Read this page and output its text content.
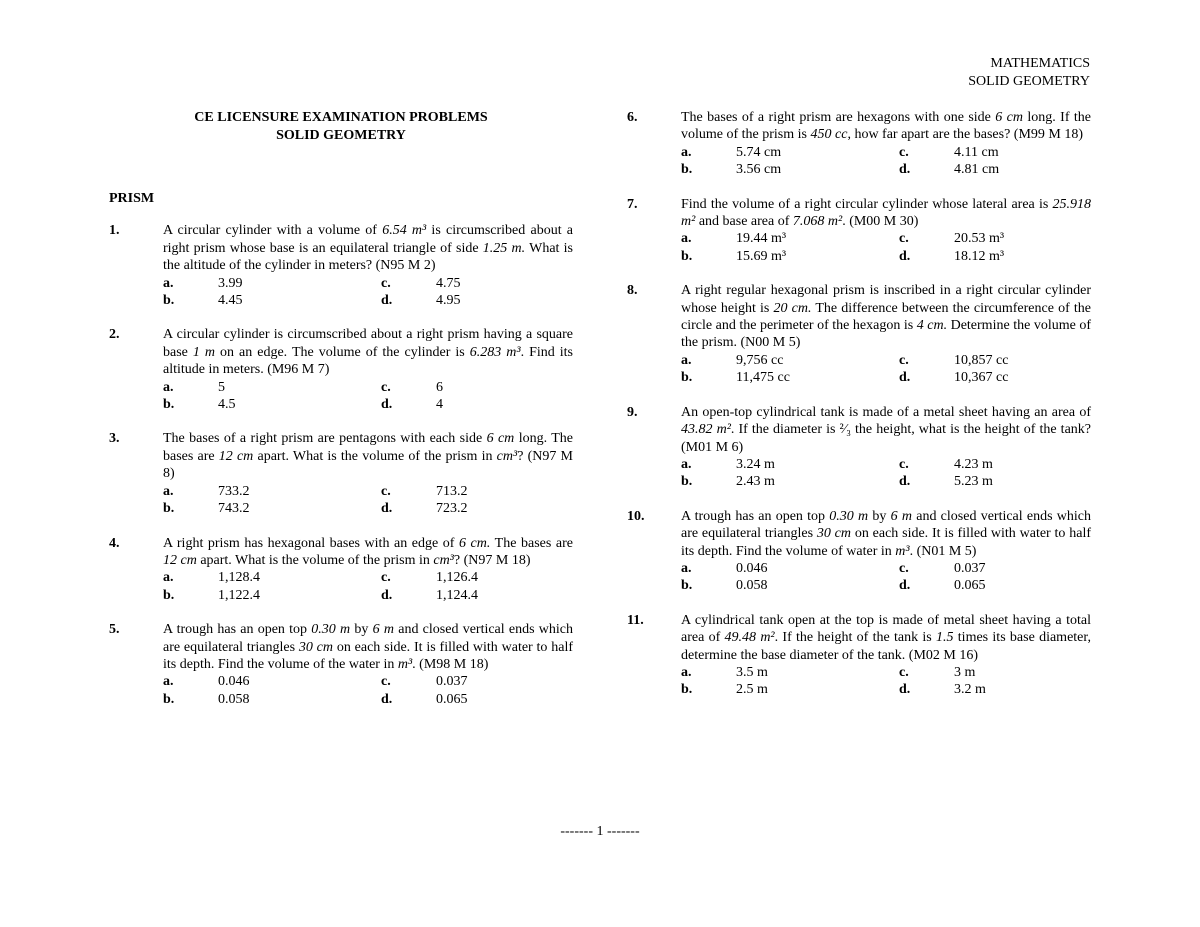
MATHEMATICS
SOLID GEOMETRY
CE LICENSURE EXAMINATION PROBLEMS
SOLID GEOMETRY
PRISM
1.	A circular cylinder with a volume of 6.54 m³ is circumscribed about a right prism whose base is an equilateral triangle of side 1.25 m. What is the altitude of the cylinder in meters? (N95 M 2)
a.	3.99	c.	4.75
b.	4.45	d.	4.95
2.	A circular cylinder is circumscribed about a right prism having a square base 1 m on an edge. The volume of the cylinder is 6.283 m³. Find its altitude in meters. (M96 M 7)
a.	5	c.	6
b.	4.5	d.	4
3.	The bases of a right prism are pentagons with each side 6 cm long. The bases are 12 cm apart. What is the volume of the prism in cm³? (N97 M 8)
a.	733.2	c.	713.2
b.	743.2	d.	723.2
4.	A right prism has hexagonal bases with an edge of 6 cm. The bases are 12 cm apart. What is the volume of the prism in cm³? (N97 M 18)
a.	1,128.4	c.	1,126.4
b.	1,122.4	d.	1,124.4
5.	A trough has an open top 0.30 m by 6 m and closed vertical ends which are equilateral triangles 30 cm on each side. It is filled with water to half its depth. Find the volume of the water in m³. (M98 M 18)
a.	0.046	c.	0.037
b.	0.058	d.	0.065
6.	The bases of a right prism are hexagons with one side 6 cm long. If the volume of the prism is 450 cc, how far apart are the bases? (M99 M 18)
a.	5.74 cm	c.	4.11 cm
b.	3.56 cm	d.	4.81 cm
7.	Find the volume of a right circular cylinder whose lateral area is 25.918 m² and base area of 7.068 m². (M00 M 30)
a.	19.44 m³	c.	20.53 m³
b.	15.69 m³	d.	18.12 m³
8.	A right regular hexagonal prism is inscribed in a right circular cylinder whose height is 20 cm. The difference between the circumference of the circle and the perimeter of the hexagon is 4 cm. Determine the volume of the prism. (N00 M 5)
a.	9,756 cc	c.	10,857 cc
b.	11,475 cc	d.	10,367 cc
9.	An open-top cylindrical tank is made of a metal sheet having an area of 43.82 m². If the diameter is ²⁄₃ the height, what is the height of the tank? (M01 M 6)
a.	3.24 m	c.	4.23 m
b.	2.43 m	d.	5.23 m
10.	A trough has an open top 0.30 m by 6 m and closed vertical ends which are equilateral triangles 30 cm on each side. It is filled with water to half its depth. Find the volume of water in m³. (N01 M 5)
a.	0.046	c.	0.037
b.	0.058	d.	0.065
11.	A cylindrical tank open at the top is made of metal sheet having a total area of 49.48 m². If the height of the tank is 1.5 times its base diameter, determine the base diameter of the tank. (M02 M 16)
a.	3.5 m	c.	3 m
b.	2.5 m	d.	3.2 m
------- 1 -------
